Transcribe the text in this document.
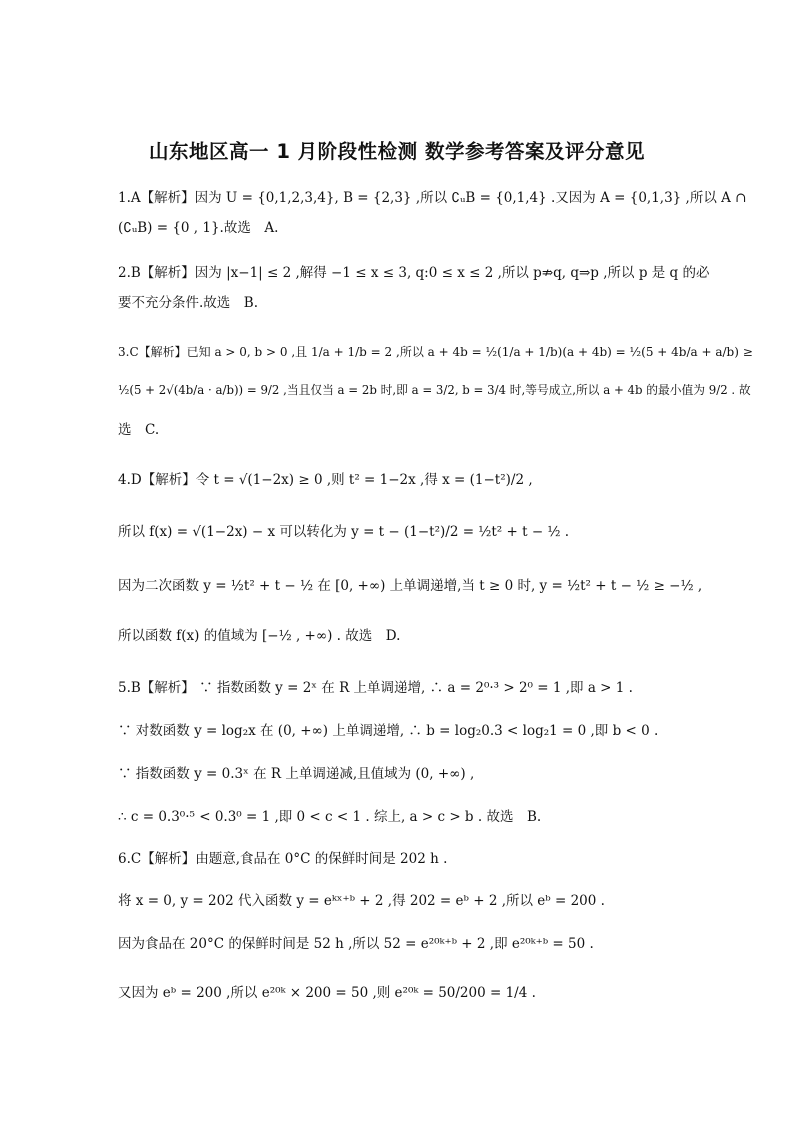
山东地区高一 1 月阶段性检测 数学参考答案及评分意见
1.A【解析】因为 U = {0,1,2,3,4}, B = {2,3} ,所以 ∁ᵤB = {0,1,4} .又因为 A = {0,1,3} ,所以 A ∩
(∁ᵤB) = {0 , 1}.故选　A.
2.B【解析】因为 |x−1| ≤ 2 ,解得 −1 ≤ x ≤ 3, q:0 ≤ x ≤ 2 ,所以 p⇏q, q⇒p ,所以 p 是 q 的必
要不充分条件.故选　B.
3.C【解析】已知 a > 0, b > 0 ,且 1/a + 1/b = 2 ,所以 a + 4b = ½(1/a + 1/b)(a + 4b) = ½(5 + 4b/a + a/b) ≥
½(5 + 2√(4b/a · a/b)) = 9/2 ,当且仅当 a = 2b 时,即 a = 3/2, b = 3/4 时,等号成立,所以 a + 4b 的最小值为 9/2 . 故
选　C.
4.D【解析】令 t = √(1−2x) ≥ 0 ,则 t² = 1−2x ,得 x = (1−t²)/2 ,
所以 f(x) = √(1−2x) − x 可以转化为 y = t − (1−t²)/2 = ½t² + t − ½ .
因为二次函数 y = ½t² + t − ½ 在 [0, +∞) 上单调递增,当 t ≥ 0 时, y = ½t² + t − ½ ≥ −½ ,
所以函数 f(x) 的值域为 [−½ , +∞) . 故选　D.
5.B【解析】 ∵ 指数函数 y = 2ˣ 在 R 上单调递增, ∴ a = 2⁰·³ > 2⁰ = 1 ,即 a > 1 .
∵ 对数函数 y = log₂x 在 (0, +∞) 上单调递增, ∴ b = log₂0.3 < log₂1 = 0 ,即 b < 0 .
∵ 指数函数 y = 0.3ˣ 在 R 上单调递减,且值域为 (0, +∞) ,
∴ c = 0.3⁰·⁵ < 0.3⁰ = 1 ,即 0 < c < 1 . 综上, a > c > b . 故选　B.
6.C【解析】由题意,食品在 0°C 的保鲜时间是 202 h .
将 x = 0, y = 202 代入函数 y = eᵏˣ⁺ᵇ + 2 ,得 202 = eᵇ + 2 ,所以 eᵇ = 200 .
因为食品在 20°C 的保鲜时间是 52 h ,所以 52 = e²⁰ᵏ⁺ᵇ + 2 ,即 e²⁰ᵏ⁺ᵇ = 50 .
又因为 eᵇ = 200 ,所以 e²⁰ᵏ × 200 = 50 ,则 e²⁰ᵏ = 50/200 = 1/4 .
